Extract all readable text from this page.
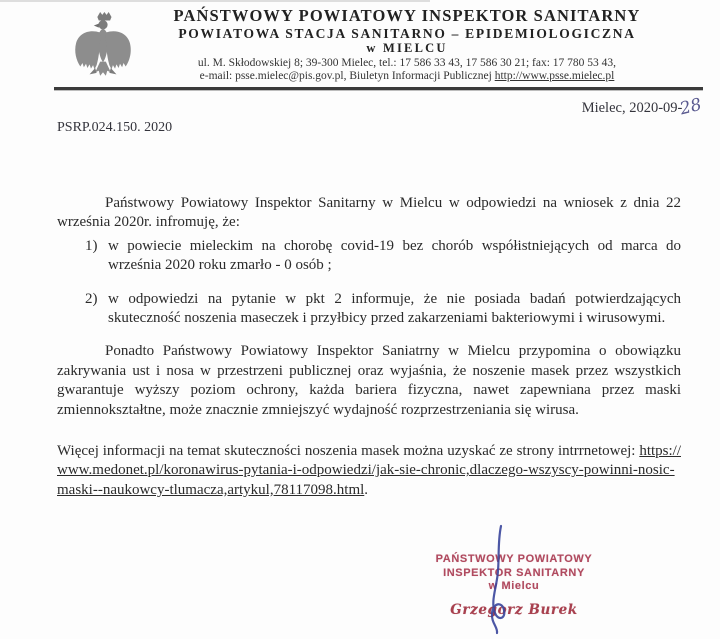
PAŃSTWOWY POWIATOWY INSPEKTOR SANITARNY
POWIATOWA STACJA SANITARNO – EPIDEMIOLOGICZNA
w MIELCU
ul. M. Skłodowskiej 8; 39-300 Mielec, tel.: 17 586 33 43, 17 586 30 21; fax: 17 780 53 43,
e-mail: psse.mielec@pis.gov.pl, Biuletyn Informacji Publicznej http://www.psse.mielec.pl
Mielec, 2020-09-28
PSRP.024.150. 2020

Państwowy Powiatowy Inspektor Sanitarny w Mielcu w odpowiedzi na wniosek z dnia 22 września 2020r. infromuję, że:

1) w powiecie mieleckim na chorobę covid-19 bez chorób współistniejących od marca do września 2020 roku zmarło - 0 osób ;
2) w odpowiedzi na pytanie w pkt 2 informuje, że nie posiada badań potwierdzających skuteczność noszenia maseczek i przyłbicy przed zakarzeniami bakteriowymi i wirusowymi.

Ponadto Państwowy Powiatowy Inspektor Saniatrny w Mielcu przypomina o obowiązku zakrywania ust i nosa w przestrzeni publicznej oraz wyjaśnia, że noszenie masek przez wszystkich gwarantuje wyższy poziom ochrony, każda bariera fizyczna, nawet zapewniana przez maski zmiennokształtne, może znacznie zmniejszyć wydajność rozprzestrzeniania się wirusa.

Więcej informacji na temat skuteczności noszenia masek można uzyskać ze strony intrrnetowej: https://www.medonet.pl/koronawirus-pytania-i-odpowiedzi/jak-sie-chronic,dlaczego-wszyscy-powinni-nosic-maski--naukowcy-tlumacza,artykul,78117098.html.

PAŃSTWOWY POWIATOWY
INSPEKTOR SANITARNY
w Mielcu
Grzegorz Burek
